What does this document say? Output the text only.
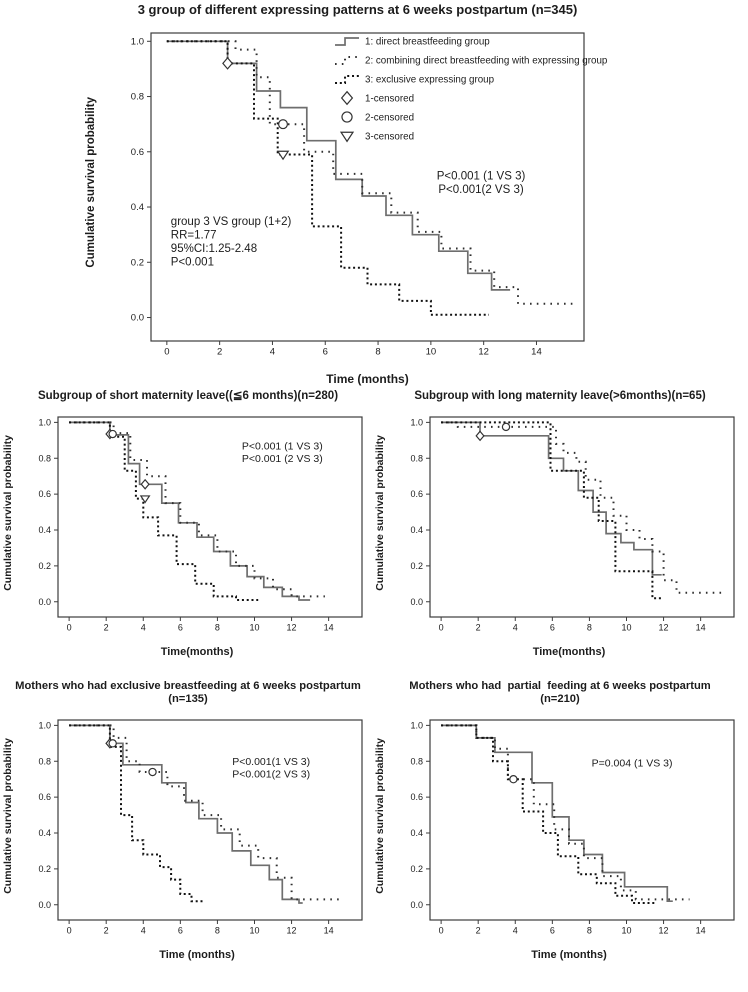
3 group of different expressing patterns at 6 weeks postpartum (n=345)
Cumulative survival probability
0	2	4	6	8	10	12	14
0.0
0.2
0.4
0.6
0.8
1.0
P<0.001 (1 VS 3)
P<0.001(2 VS 3)
group 3 VS group (1+2)
RR=1.77
95%CI:1.25-2.48
P<0.001
1: direct breastfeeding group
2: combining direct breastfeeding with expressing group
3: exclusive expressing group
1-censored
2-censored
3-censored
Time (months)
Subgroup of short maternity leave((≦6 months)(n=280)
Cumulative survival probability
0	2	4	6	8	10	12	14
0.0
0.2
0.4
0.6
0.8
1.0
P<0.001 (1 VS 3)
P<0.001 (2 VS 3)
Time(months)
Subgroup with long maternity leave(>6months)(n=65)
Cumulative survival probability
0	2	4	6	8	10	12	14
0.0
0.2
0.4
0.6
0.8
1.0
Time(months)
Mothers who had exclusive breastfeeding at 6 weeks postpartum
(n=135)
Cumulative survival probability
0	2	4	6	8	10	12	14
0.0
0.2
0.4
0.6
0.8
1.0
P<0.001(1 VS 3)
P<0.001(2 VS 3)
Time (months)
Mothers who had  partial  feeding at 6 weeks postpartum
(n=210)
Cumulative survival probability
0	2	4	6	8	10	12	14
0.0
0.2
0.4
0.6
0.8
1.0
P=0.004 (1 VS 3)
Time (months)
